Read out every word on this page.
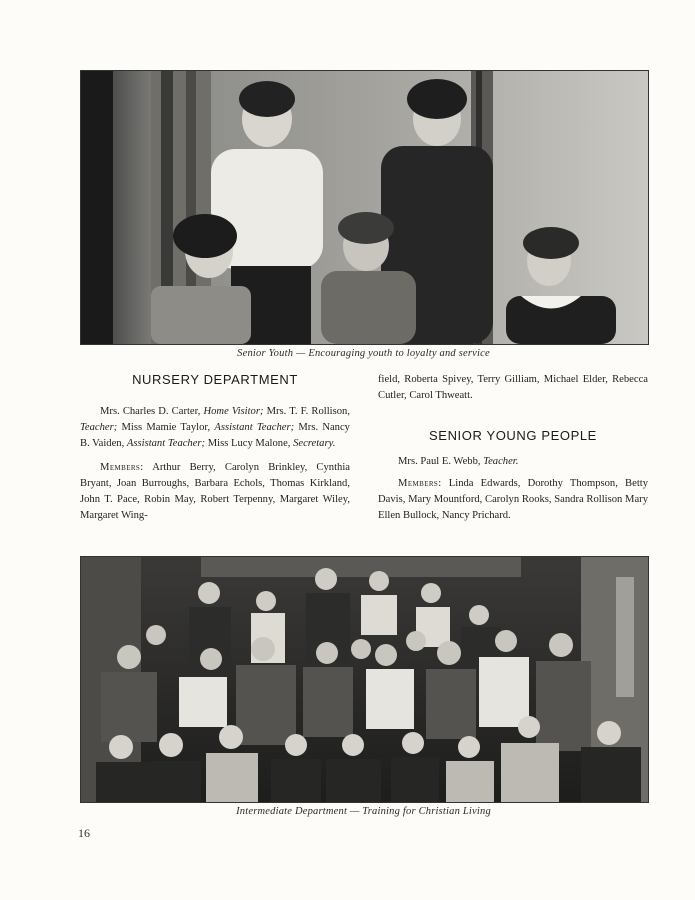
Senior Youth — Encouraging youth to loyalty and service
NURSERY DEPARTMENT

Mrs. Charles D. Carter, Home Visitor; Mrs. T. F. Rollison, Teacher; Miss Mamie Taylor, Assistant Teacher; Mrs. Nancy B. Vaiden, Assistant Teacher; Miss Lucy Malone, Secretary.

Members: Arthur Berry, Carolyn Brinkley, Cynthia Bryant, Joan Burroughs, Barbara Echols, Thomas Kirkland, John T. Pace, Robin May, Robert Terpenny, Margaret Wiley, Margaret Wing-

field, Roberta Spivey, Terry Gilliam, Michael Elder, Rebecca Cutler, Carol Thweatt.

SENIOR YOUNG PEOPLE

Mrs. Paul E. Webb, Teacher.

Members: Linda Edwards, Dorothy Thompson, Betty Davis, Mary Mountford, Carolyn Rooks, Sandra Rollison Mary Ellen Bullock, Nancy Prichard.

Intermediate Department — Training for Christian Living
16
